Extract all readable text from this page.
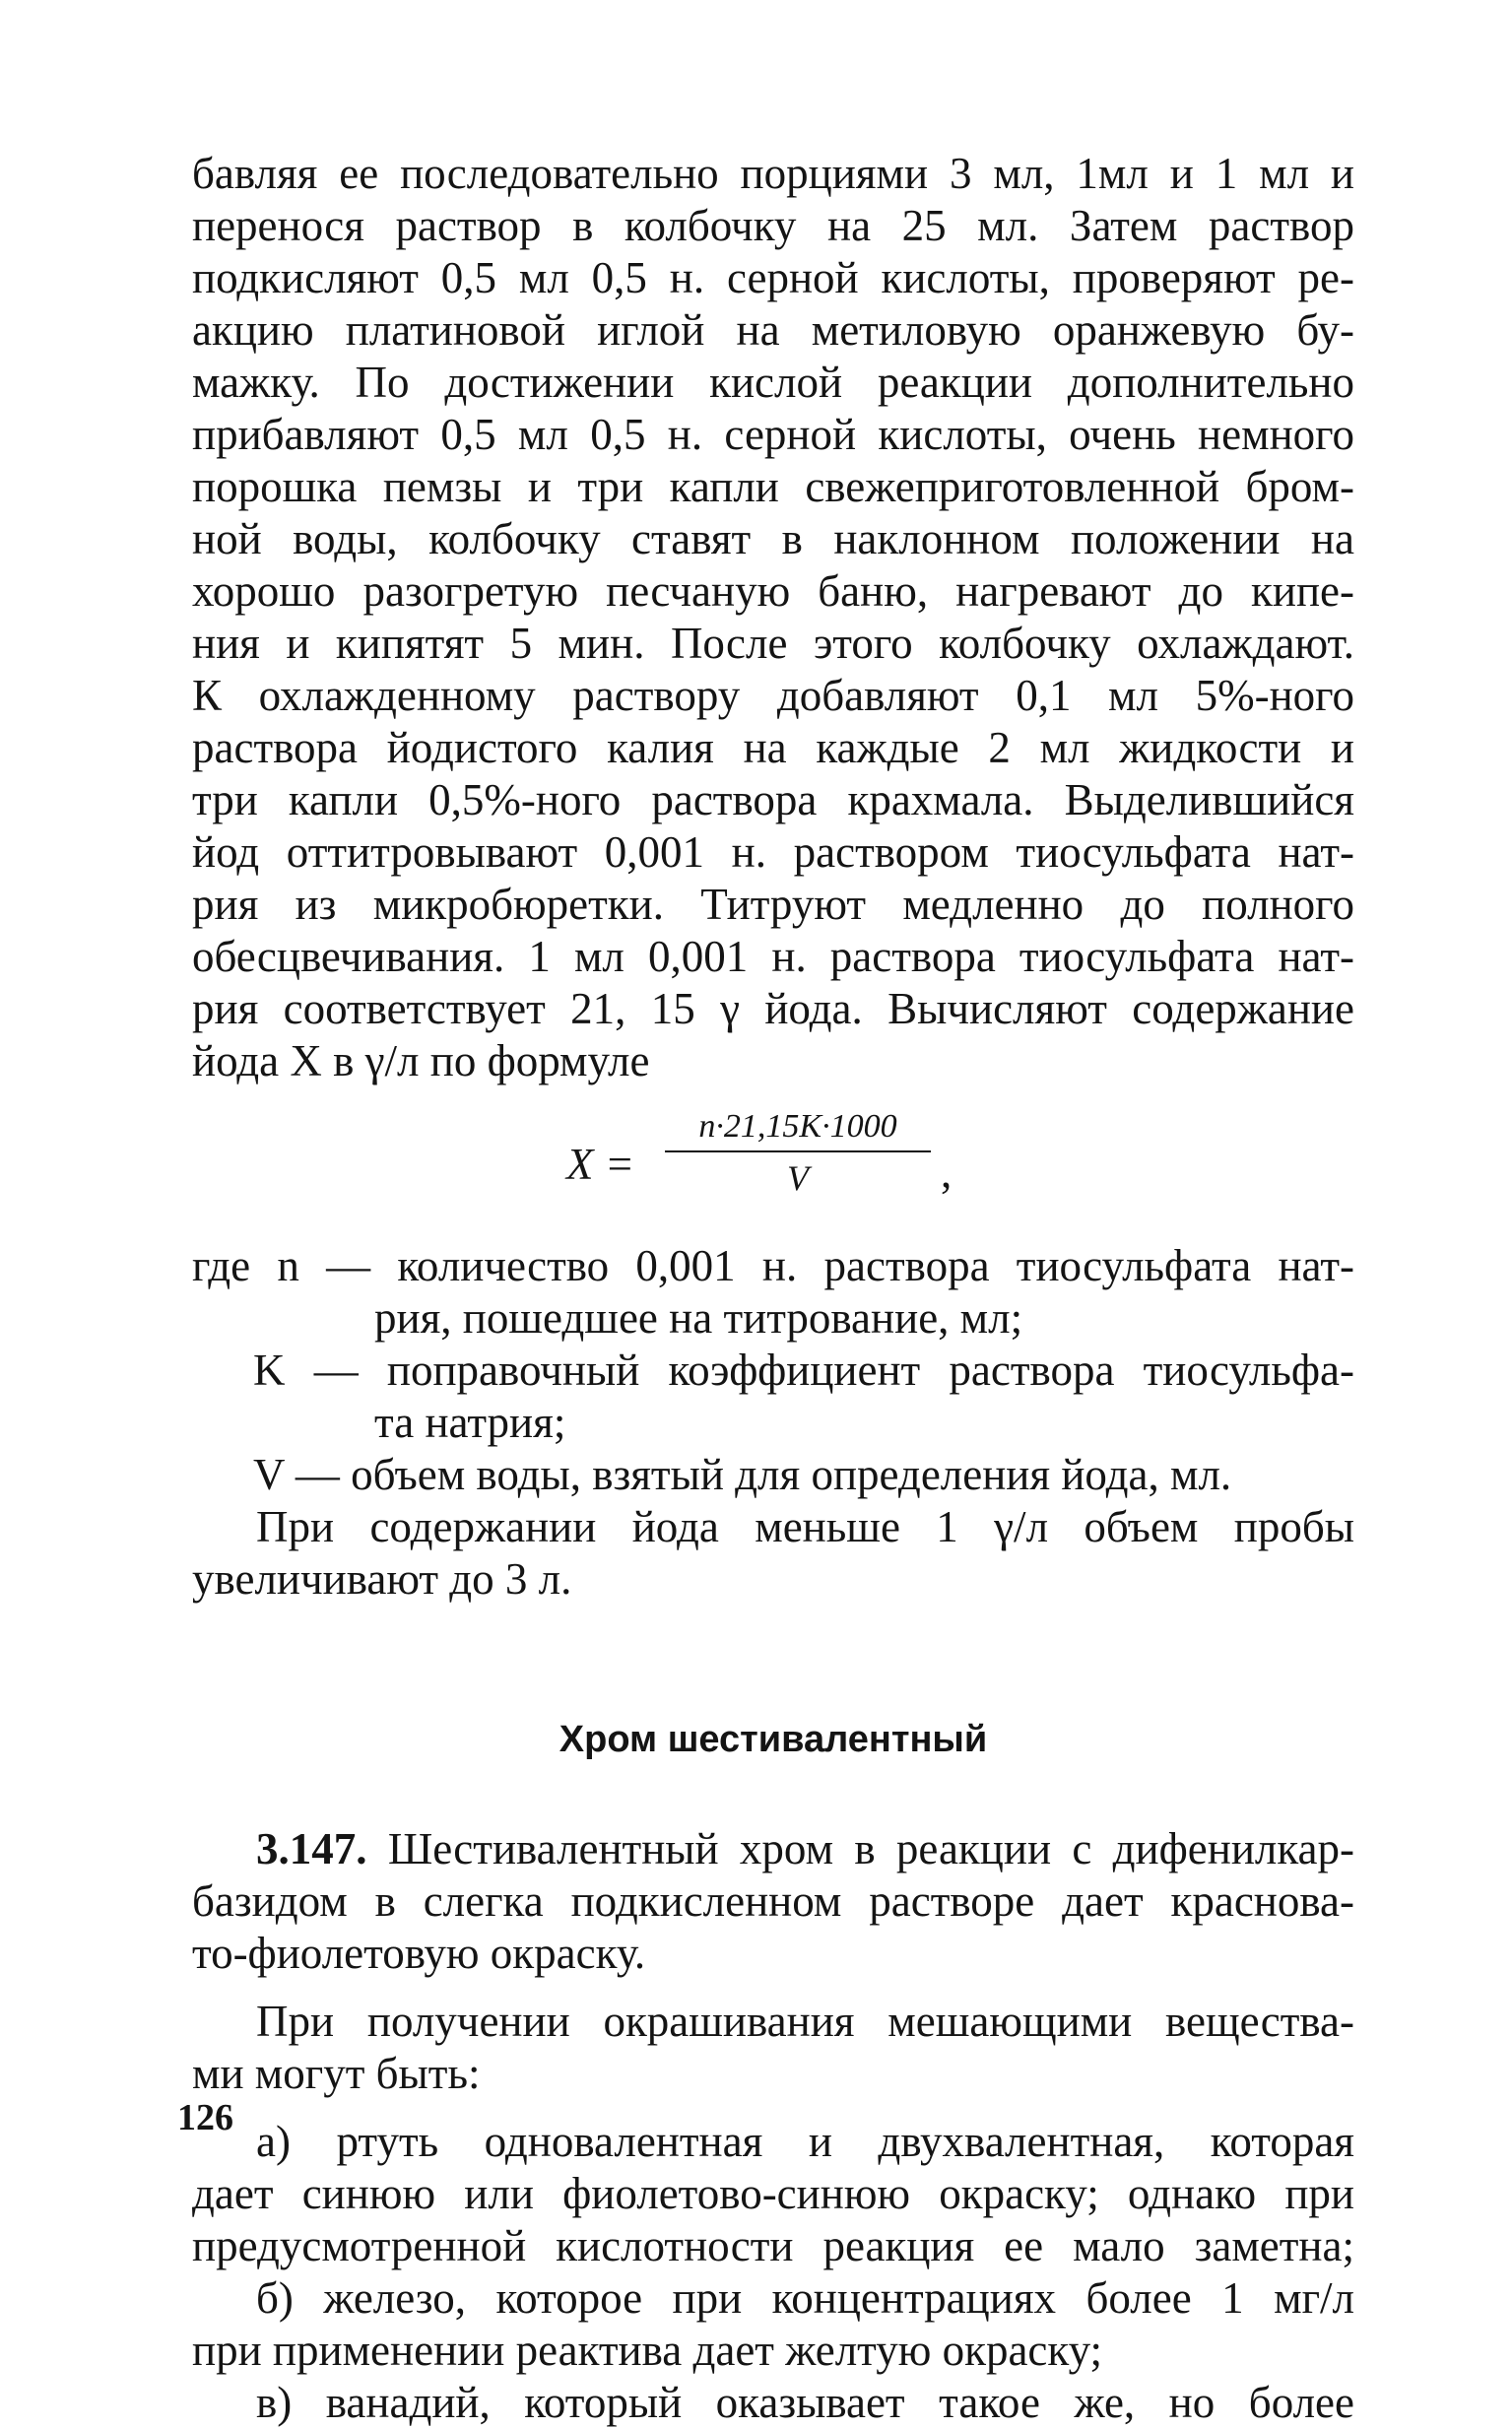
бавляя ее последовательно порциями 3 мл, 1мл и 1 мл и
перенося раствор в колбочку на 25 мл. Затем раствор
подкисляют 0,5 мл 0,5 н. серной кислоты, проверяют ре-
акцию платиновой иглой на метиловую оранжевую бу-
мажку. По достижении кислой реакции дополнительно
прибавляют 0,5 мл 0,5 н. серной кислоты, очень немного
порошка пемзы и три капли свежеприготовленной бром-
ной воды, колбочку ставят в наклонном положении на
хорошо разогретую песчаную баню, нагревают до кипе-
ния и кипятят 5 мин. После этого колбочку охлаждают.
К охлажденному раствору добавляют 0,1 мл 5%-ного
раствора йодистого калия на каждые 2 мл жидкости и
три капли 0,5%-ного раствора крахмала. Выделившийся
йод оттитровывают 0,001 н. раствором тиосульфата нат-
рия из микробюретки. Титруют медленно до полного
обесцвечивания. 1 мл 0,001 н. раствора тиосульфата нат-
рия соответствует 21, 15 γ йода. Вычисляют содержание
йода X в γ/л по формуле
$X = \frac{n\cdot 21,15K\cdot 1000}{V}$ ,
где n — количество 0,001 н. раствора тиосульфата нат-
рия, пошедшее на титрование, мл;
K — поправочный коэффициент раствора тиосульфа-
та натрия;
V — объем воды, взятый для определения йода, мл.
При содержании йода меньше 1 γ/л объем пробы
увеличивают до 3 л.
Хром шестивалентный
3.147. Шестивалентный хром в реакции с дифенилкар-
базидом в слегка подкисленном растворе дает краснова-
то-фиолетовую окраску.
При получении окрашивания мешающими вещества-
ми могут быть:
а) ртуть одновалентная и двухвалентная, которая
дает синюю или фиолетово-синюю окраску; однако при
предусмотренной кислотности реакция ее мало заметна;
б) железо, которое при концентрациях более 1 мг/л
при применении реактива дает желтую окраску;
в) ванадий, который оказывает такое же, но более
126
